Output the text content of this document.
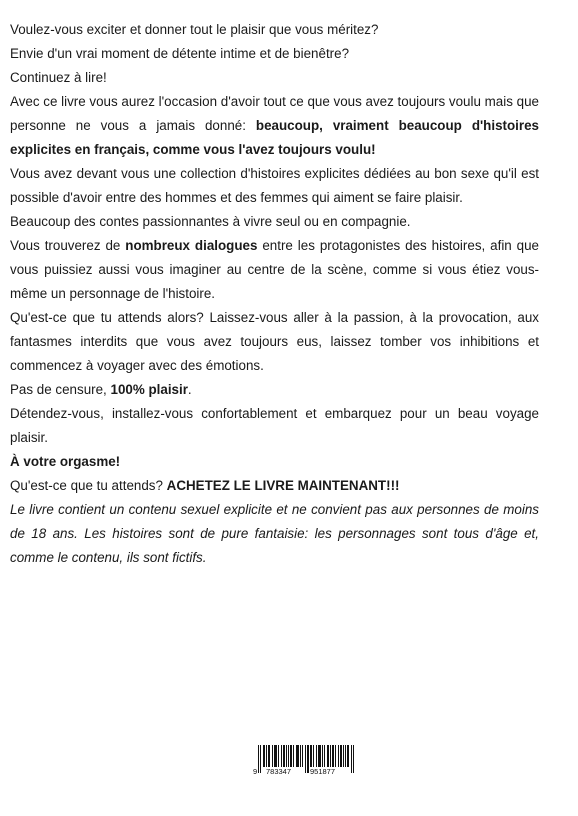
Voulez-vous exciter et donner tout le plaisir que vous méritez?

Envie d'un vrai moment de détente intime et de bienêtre?

Continuez à lire!

Avec ce livre vous aurez l'occasion d'avoir tout ce que vous avez toujours voulu mais que personne ne vous a jamais donné: beaucoup, vraiment beaucoup d'histoires explicites en français, comme vous l'avez toujours voulu!

Vous avez devant vous une collection d'histoires explicites dédiées au bon sexe qu'il est possible d'avoir entre des hommes et des femmes qui aiment se faire plaisir.

Beaucoup des contes passionnantes à vivre seul ou en compagnie.

Vous trouverez de nombreux dialogues entre les protagonistes des histoires, afin que vous puissiez aussi vous imaginer au centre de la scène, comme si vous étiez vous-même un personnage de l'histoire.

Qu'est-ce que tu attends alors? Laissez-vous aller à la passion, à la provocation, aux fantasmes interdits que vous avez toujours eus, laissez tomber vos inhibitions et commencez à voyager avec des émotions.

Pas de censure, 100% plaisir.

Détendez-vous, installez-vous confortablement et embarquez pour un beau voyage plaisir.

À votre orgasme!

Qu'est-ce que tu attends? ACHETEZ LE LIVRE MAINTENANT!!!

Le livre contient un contenu sexuel explicite et ne convient pas aux personnes de moins de 18 ans. Les histoires sont de pure fantaisie: les personnages sont tous d'âge et, comme le contenu, ils sont fictifs.

9 783347	951877
